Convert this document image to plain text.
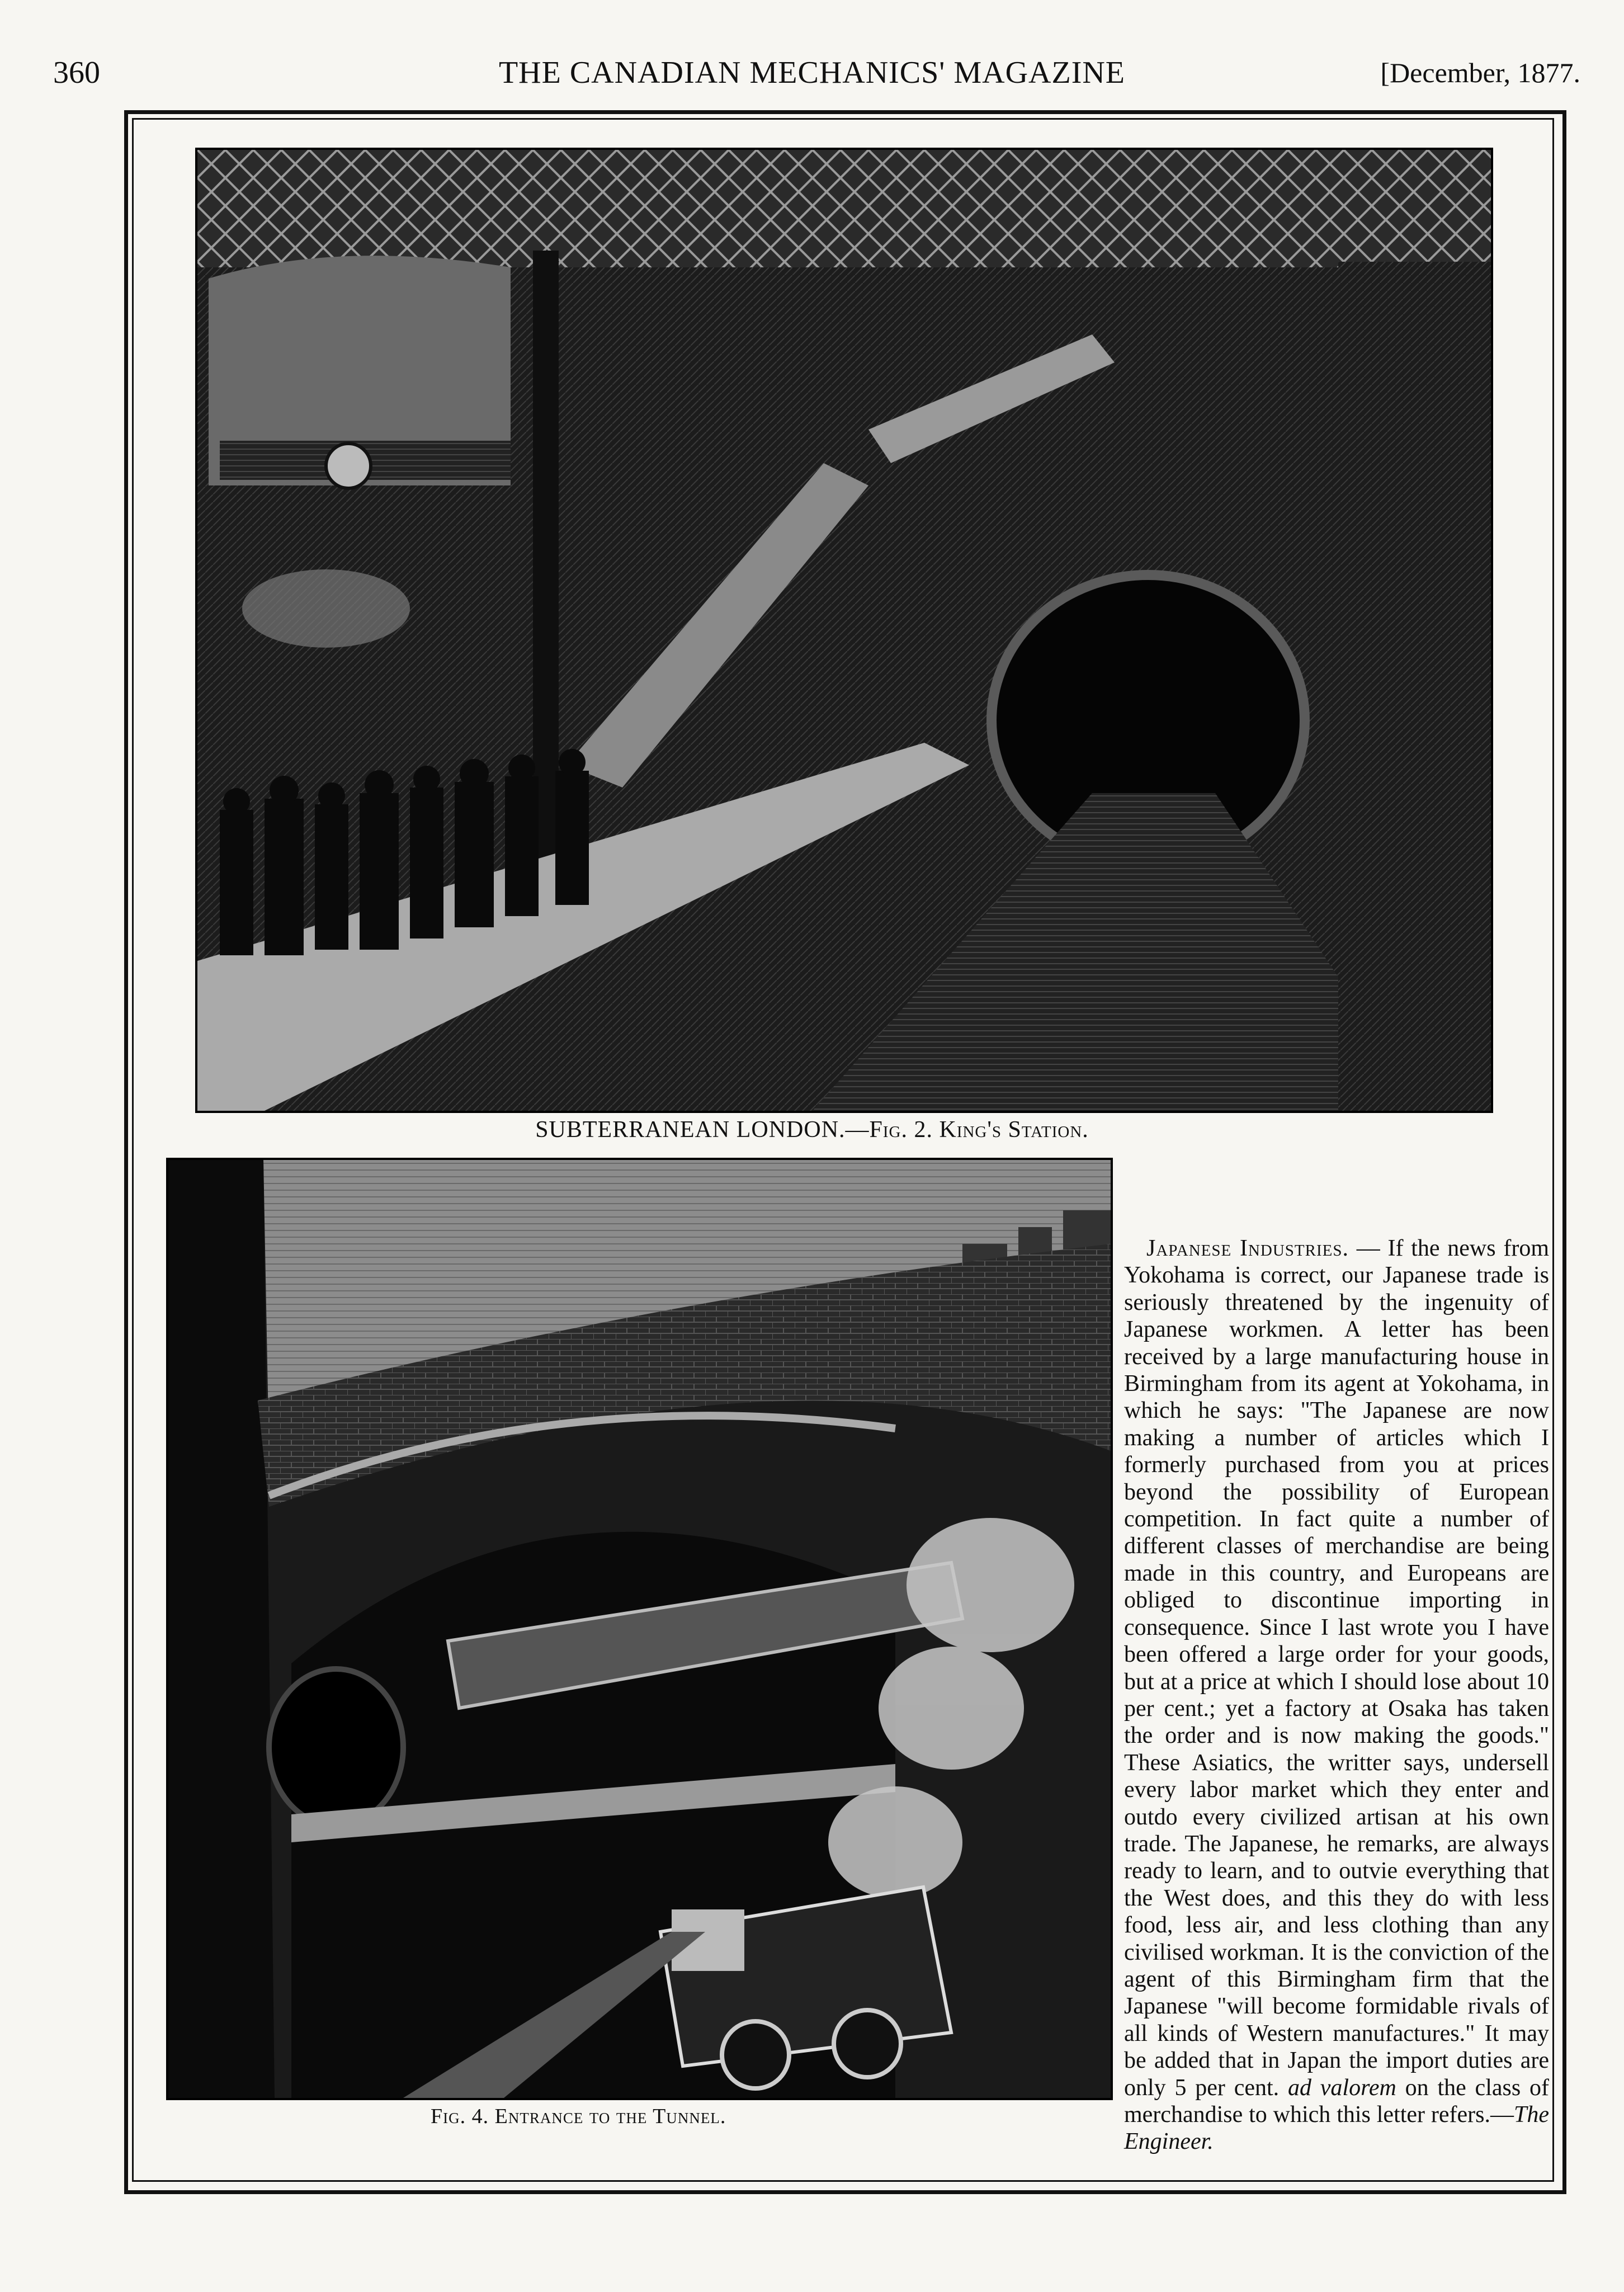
360	THE CANADIAN MECHANICS' MAGAZINE	[December, 1877.
SUBTERRANEAN LONDON.—Fig. 2. King's Station.
Fig. 4. Entrance to the Tunnel.

Japanese Industries. — If the news from Yokohama is correct, our Japanese trade is seriously threatened by the ingenuity of Japanese workmen. A letter has been received by a large manufacturing house in Birmingham from its agent at Yokohama, in which he says: "The Japanese are now making a number of articles which I formerly purchased from you at prices beyond the possibility of European competition. In fact quite a number of different classes of merchandise are being made in this country, and Europeans are obliged to discontinue importing in consequence. Since I last wrote you I have been offered a large order for your goods, but at a price at which I should lose about 10 per cent.; yet a factory at Osaka has taken the order and is now making the goods." These Asiatics, the writter says, undersell every labor market which they enter and outdo every civilized artisan at his own trade. The Japanese, he remarks, are always ready to learn, and to outvie everything that the West does, and this they do with less food, less air, and less clothing than any civilised workman. It is the conviction of the agent of this Birmingham firm that the Japanese "will become formidable rivals of all kinds of Western manufactures." It may be added that in Japan the import duties are only 5 per cent. ad valorem on the class of merchandise to which this letter refers.—The Engineer.
